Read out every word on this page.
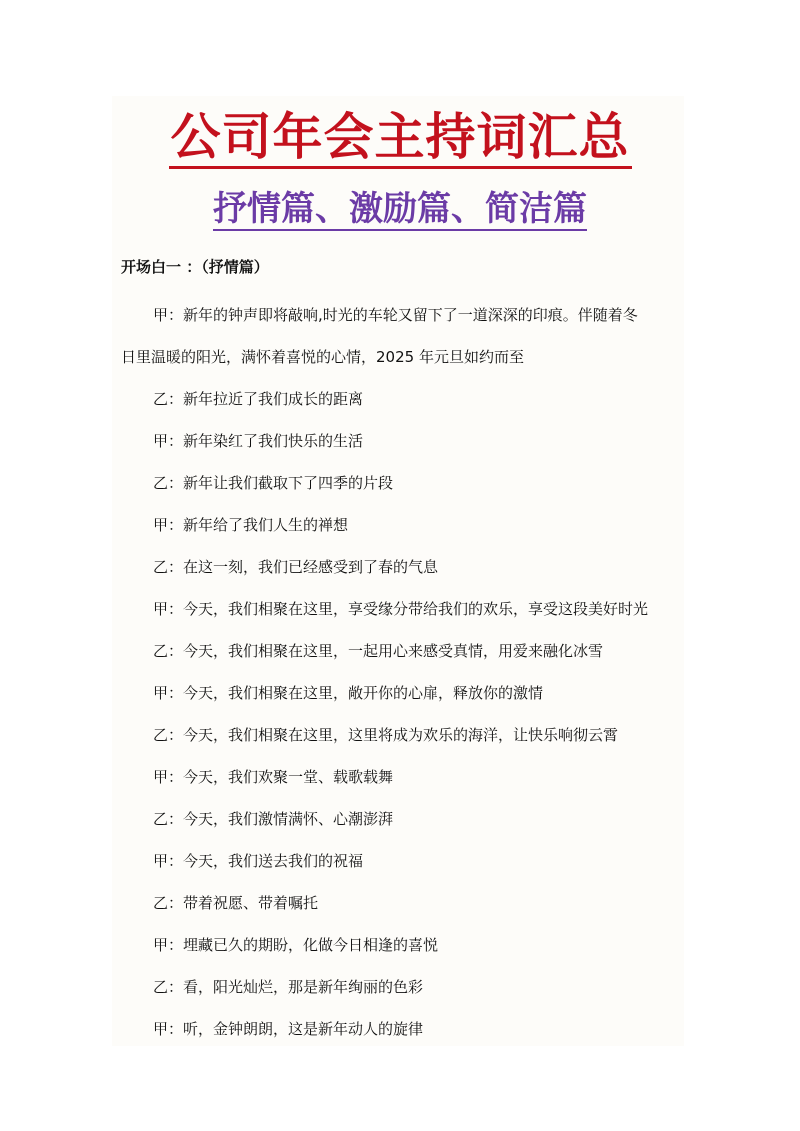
公司年会主持词汇总
抒情篇、激励篇、简洁篇
开场白一 ：（抒情篇）
甲：新年的钟声即将敲响,时光的车轮又留下了一道深深的印痕。伴随着冬
日里温暖的阳光，满怀着喜悦的心情，2025 年元旦如约而至
乙：新年拉近了我们成长的距离
甲：新年染红了我们快乐的生活
乙：新年让我们截取下了四季的片段
甲：新年给了我们人生的禅想
乙：在这一刻，我们已经感受到了春的气息
甲：今天，我们相聚在这里，享受缘分带给我们的欢乐，享受这段美好时光
乙：今天，我们相聚在这里，一起用心来感受真情，用爱来融化冰雪
甲：今天，我们相聚在这里，敞开你的心扉，释放你的激情
乙：今天，我们相聚在这里，这里将成为欢乐的海洋，让快乐响彻云霄
甲：今天，我们欢聚一堂、载歌载舞
乙：今天，我们激情满怀、心潮澎湃
甲：今天，我们送去我们的祝福
乙：带着祝愿、带着嘱托
甲：埋藏已久的期盼，化做今日相逢的喜悦
乙：看，阳光灿烂，那是新年绚丽的色彩
甲：听，金钟朗朗，这是新年动人的旋律
